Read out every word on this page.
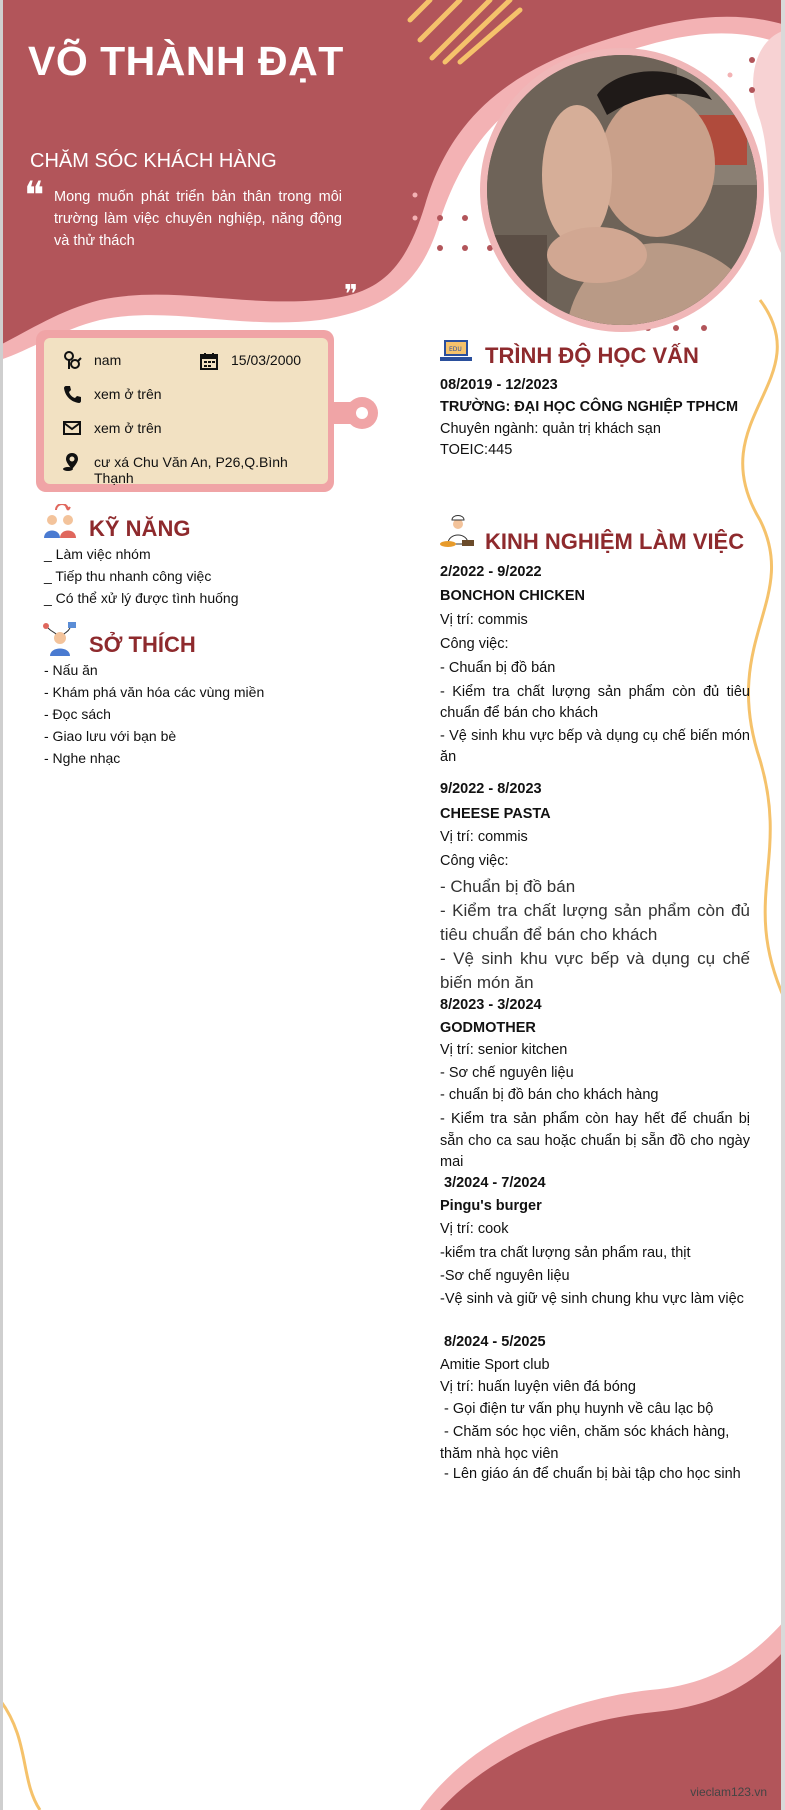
VÕ THÀNH ĐẠT
CHĂM SÓC KHÁCH HÀNG
❝ Mong muốn phát triển bản thân trong môi trường làm việc chuyên nghiệp, năng động và thử thách
❞
nam	15/03/2000
xem ở trên
xem ở trên
cư xá Chu Văn An, P26,Q.Bình Thạnh
KỸ NĂNG
_ Làm việc nhóm
_ Tiếp thu nhanh công việc
_ Có thể xử lý được tình huống
SỞ THÍCH
- Nấu ăn
- Khám phá văn hóa các vùng miền
- Đọc sách
- Giao lưu với bạn bè
- Nghe nhạc
EDU TRÌNH ĐỘ HỌC VẤN
08/2019 - 12/2023
TRƯỜNG: ĐẠI HỌC CÔNG NGHIỆP TPHCM
Chuyên ngành: quản trị khách sạn
TOEIC:445
KINH NGHIỆM LÀM VIỆC
2/2022 - 9/2022
BONCHON CHICKEN
Vị trí: commis
Công việc:
- Chuẩn bị đồ bán
- Kiểm tra chất lượng sản phẩm còn đủ tiêu chuẩn để bán cho khách
- Vệ sinh khu vực bếp và dụng cụ chế biến món ăn
9/2022 - 8/2023
CHEESE PASTA
Vị trí: commis
Công việc:
- Chuẩn bị đồ bán
- Kiểm tra chất lượng sản phẩm còn đủ tiêu chuẩn để bán cho khách
- Vệ sinh khu vực bếp và dụng cụ chế biến món ăn
8/2023 - 3/2024
GODMOTHER
Vị trí: senior kitchen
- Sơ chế nguyên liệu
- chuẩn bị đồ bán cho khách hàng
- Kiểm tra sản phẩm còn hay hết để chuẩn bị sẵn cho ca sau hoặc chuẩn bị sẵn đồ cho ngày mai
3/2024 - 7/2024
Pingu's burger
Vị trí: cook
-kiểm tra chất lượng sản phẩm rau, thịt
-Sơ chế nguyên liệu
-Vệ sinh và giữ vệ sinh chung khu vực làm việc
8/2024 - 5/2025
Amitie Sport club
Vị trí: huấn luyện viên đá bóng
- Gọi điện tư vấn phụ huynh về câu lạc bộ
- Chăm sóc học viên, chăm sóc khách hàng, thăm nhà học viên
- Lên giáo án để chuẩn bị bài tập cho học sinh
vieclam123.vn
